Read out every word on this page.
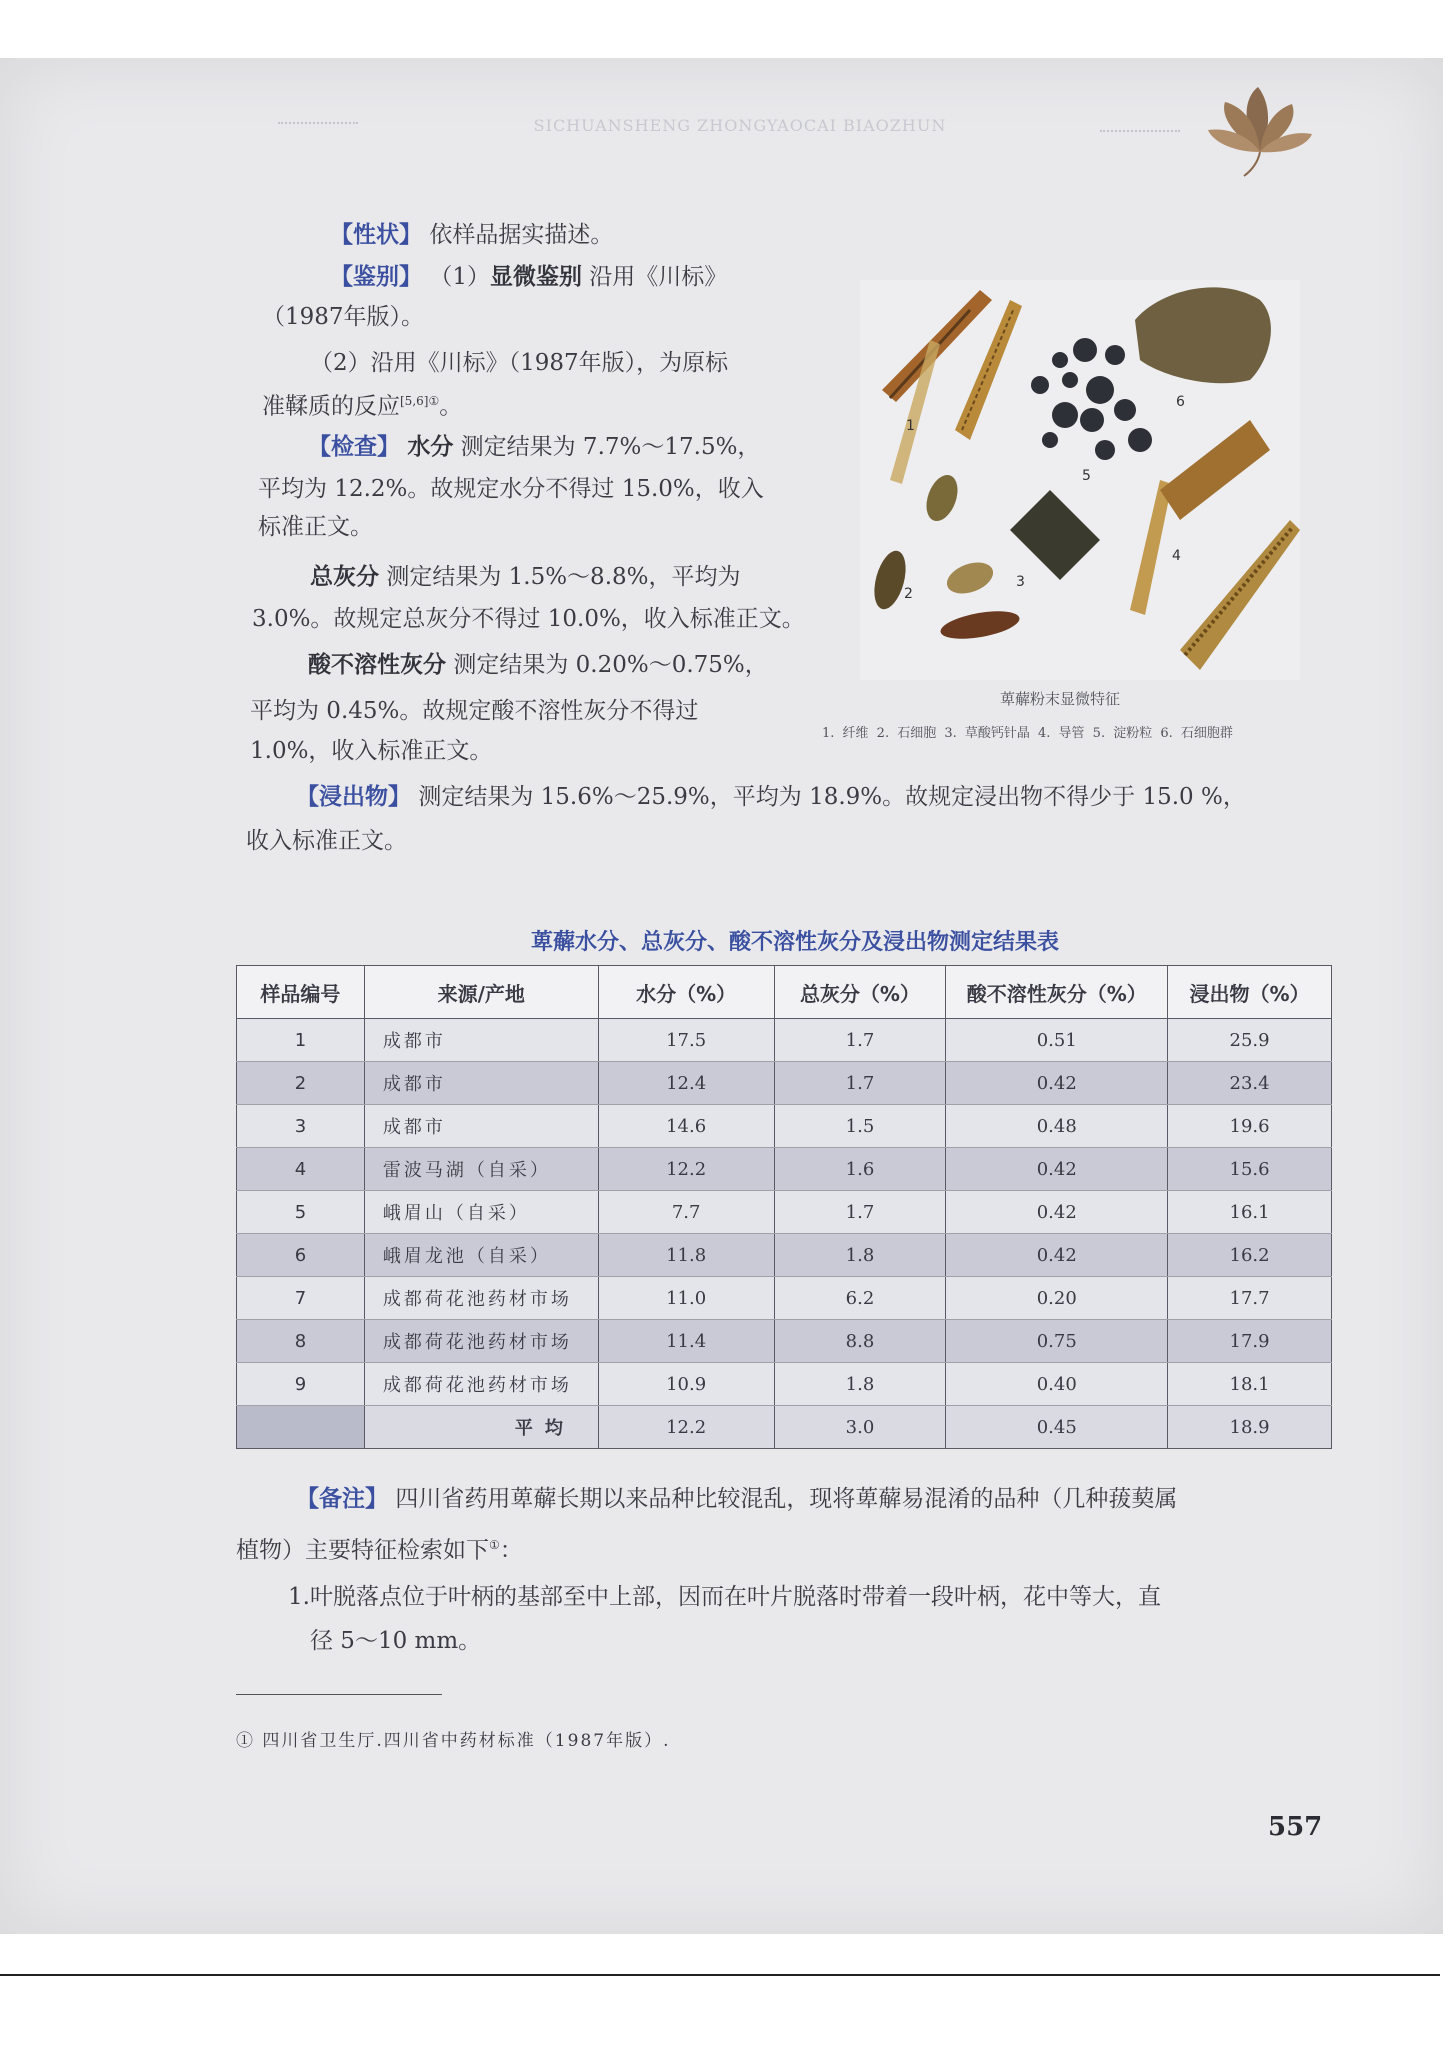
SICHUANSHENG ZHONGYAOCAI BIAOZHUN
【性状】 依样品据实描述。
【鉴别】 （1）显微鉴别 沿用《川标》
（1987年版）。
（2）沿用《川标》（1987年版），为原标
准鞣质的反应$^{[5,6]①}$。
【检查】 水分 测定结果为 7.7%～17.5%，
平均为 12.2%。故规定水分不得过 15.0%，收入
标准正文。
总灰分 测定结果为 1.5%～8.8%，平均为
3.0%。故规定总灰分不得过 10.0%，收入标准正文。
酸不溶性灰分 测定结果为 0.20%～0.75%，
平均为 0.45%。故规定酸不溶性灰分不得过
1.0%，收入标准正文。
【浸出物】 测定结果为 15.6%～25.9%，平均为 18.9%。故规定浸出物不得少于 15.0 %，
收入标准正文。
1
2
3
4
5
6
萆薢粉末显微特征
1. 纤维 2. 石细胞 3. 草酸钙针晶 4. 导管 5. 淀粉粒 6. 石细胞群
萆薢水分、总灰分、酸不溶性灰分及浸出物测定结果表
样品编号	来源/产地	水分（%）	总灰分（%）	酸不溶性灰分（%）	浸出物（%）
1	成都市	17.5	1.7	0.51	25.9
2	成都市	12.4	1.7	0.42	23.4
3	成都市	14.6	1.5	0.48	19.6
4	雷波马湖（自采）	12.2	1.6	0.42	15.6
5	峨眉山（自采）	7.7	1.7	0.42	16.1
6	峨眉龙池（自采）	11.8	1.8	0.42	16.2
7	成都荷花池药材市场	11.0	6.2	0.20	17.7
8	成都荷花池药材市场	11.4	8.8	0.75	17.9
9	成都荷花池药材市场	10.9	1.8	0.40	18.1
	平均	12.2	3.0	0.45	18.9
【备注】 四川省药用萆薢长期以来品种比较混乱，现将萆薢易混淆的品种（几种菝葜属
植物）主要特征检索如下①：
1.叶脱落点位于叶柄的基部至中上部，因而在叶片脱落时带着一段叶柄，花中等大，直
径 5～10 mm。
① 四川省卫生厅.四川省中药材标准（1987年版）.
557
